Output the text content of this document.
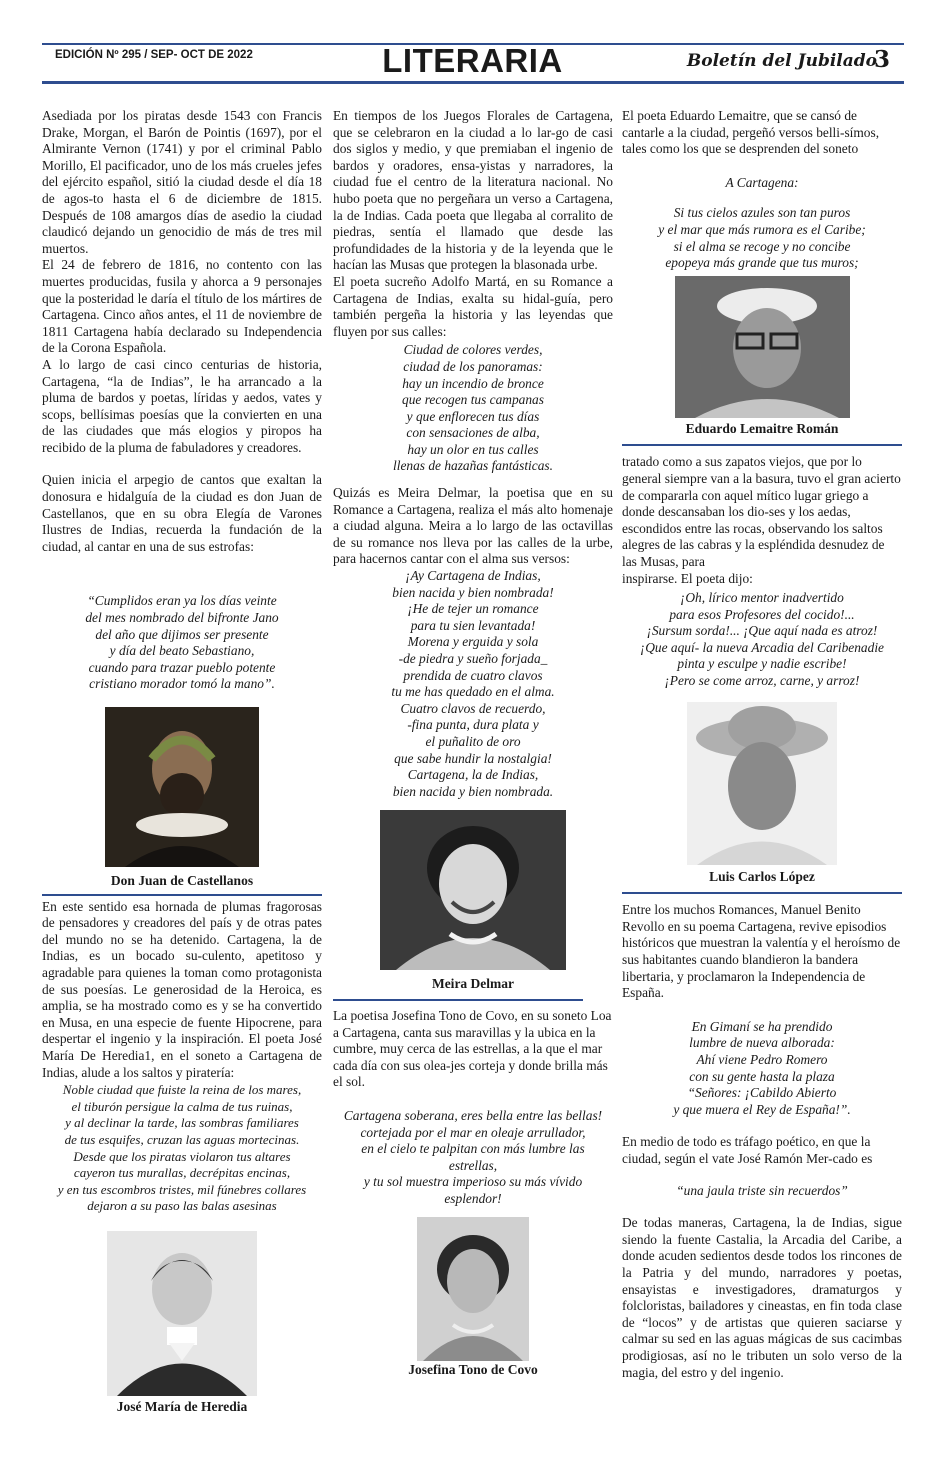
EDICIÓN Nº 295 / SEP- OCT DE 2022	LITERARIA	Boletín del Jubilado
3

Asediada por los piratas desde 1543 con Francis Drake, Morgan, el Barón de Pointis (1697), por el Almirante Vernon (1741) y por el criminal Pablo Morillo, El pacificador, uno de los más crueles jefes del ejército español, sitió la ciudad desde el día 18 de agos-to hasta el 6 de diciembre de 1815. Después de 108 amargos días de asedio la ciudad claudicó dejando un genocidio de más de tres mil muertos.

El 24 de febrero de 1816, no contento con las muertes producidas, fusila y ahorca a 9 personajes que la posteridad le daría el título de los mártires de Cartagena. Cinco años antes, el 11 de noviembre de 1811 Cartagena había declarado su Independencia de la Corona Española.

A lo largo de casi cinco centurias de historia, Cartagena, “la de Indias”, le ha arrancado a la pluma de bardos y poetas, líridas y aedos, vates y scops, bellísimas poesías que la convierten en una de las ciudades que más elogios y piropos ha recibido de la pluma de fabuladores y creadores.

Quien inicia el arpegio de cantos que exaltan la donosura e hidalguía de la ciudad es don Juan de Castellanos, que en su obra Elegía de Varones Ilustres de Indias, recuerda la fundación de la ciudad, al cantar en una de sus estrofas:

“Cumplidos eran ya los días veinte
del mes nombrado del bifronte Jano
del año que dijimos ser presente
y día del beato Sebastiano,
cuando para trazar pueblo potente
cristiano morador tomó la mano”.
Don Juan de Castellanos

En este sentido esa hornada de plumas fragorosas de pensadores y creadores del país y de otras pates del mundo no se ha detenido. Cartagena, la de Indias, es un bocado su-culento, apetitoso y agradable para quienes la toman como protagonista de sus poesías. Le generosidad de la Heroica, es amplia, se ha mostrado como es y se ha convertido en Musa, en una especie de fuente Hipocrene, para despertar el ingenio y la inspiración. El poeta José María De Heredia1, en el soneto a Cartagena de Indias, alude a los saltos y piratería:

Noble ciudad que fuiste la reina de los mares,
el tiburón persigue la calma de tus ruinas,
y al declinar la tarde, las sombras familiares
de tus esquifes, cruzan las aguas mortecinas.
Desde que los piratas violaron tus altares
cayeron tus murallas, decrépitas encinas,
y en tus escombros tristes, mil fúnebres collares
dejaron a su paso las balas asesinas
José María de Heredia

En tiempos de los Juegos Florales de Cartagena, que se celebraron en la ciudad a lo lar-go de casi dos siglos y medio, y que premiaban el ingenio de bardos y oradores, ensa-yistas y narradores, la ciudad fue el centro de la literatura nacional. No hubo poeta que no pergeñara un verso a Cartagena, la de Indias. Cada poeta que llegaba al corralito de piedras, sentía el llamado que desde las profundidades de la historia y de la leyenda que le hacían las Musas que protegen la blasonada urbe.

El poeta sucreño Adolfo Martá, en su Romance a Cartagena de Indias, exalta su hidal-guía, pero también pergeña la historia y las leyendas que fluyen por sus calles:

Ciudad de colores verdes,
ciudad de los panoramas:
hay un incendio de bronce
que recogen tus campanas
y que enflorecen tus días
con sensaciones de alba,
hay un olor en tus calles
llenas de hazañas fantásticas.

Quizás es Meira Delmar, la poetisa que en su Romance a Cartagena, realiza el más alto homenaje a ciudad alguna. Meira a lo largo de las octavillas de su romance nos lleva por las calles de la urbe, para hacernos cantar con el alma sus versos:

¡Ay Cartagena de Indias,
bien nacida y bien nombrada!
¡He de tejer un romance
para tu sien levantada!
Morena y erguida y sola
-de piedra y sueño forjada_
prendida de cuatro clavos
tu me has quedado en el alma.
Cuatro clavos de recuerdo,
-fina punta, dura plata y
el puñalito de oro
que sabe hundir la nostalgia!
Cartagena, la de Indias,
bien nacida y bien nombrada.
Meira Delmar

La poetisa Josefina Tono de Covo, en su soneto Loa a Cartagena, canta sus maravillas y la ubica en la cumbre, muy cerca de las estrellas, a la que el mar cada día con sus olea-jes corteja y donde brilla más el sol.

Cartagena soberana, eres bella entre las bellas!
cortejada por el mar en oleaje arrullador,
en el cielo te palpitan con más lumbre las
estrellas,
y tu sol muestra imperioso su más vívido
esplendor!
Josefina Tono de Covo

El poeta Eduardo Lemaitre, que se cansó de cantarle a la ciudad, pergeñó versos belli-símos, tales como los que se desprenden del soneto

A Cartagena:
Si tus cielos azules son tan puros
y el mar que más rumora es el Caribe;
si el alma se recoge y no concibe
epopeya más grande que tus muros;
Eduardo Lemaitre Román

tratado como a sus zapatos viejos, que por lo general siempre van a la basura, tuvo el gran acierto de compararla con aquel mítico lugar griego a donde descansaban los dio-ses y los aedas, escondidos entre las rocas, observando los saltos alegres de las cabras y la espléndida desnudez de las Musas, para

inspirarse. El poeta dijo:

¡Oh, lírico mentor inadvertido
para esos Profesores del cocido!...
¡Sursum sorda!... ¡Que aquí nada es atroz!
¡Que aquí- la nueva Arcadia del Caribenadie
pinta y esculpe y nadie escribe!
¡Pero se come arroz, carne, y arroz!
Luis Carlos López

Entre los muchos Romances, Manuel Benito Revollo en su poema Cartagena, revive episodios históricos que muestran la valentía y el heroísmo de sus habitantes cuando blandieron la bandera libertaria, y proclamaron la Independencia de España.

En Gimaní se ha prendido
lumbre de nueva alborada:
Ahí viene Pedro Romero
con su gente hasta la plaza
“Señores: ¡Cabildo Abierto
y que muera el Rey de España!”.

En medio de todo es tráfago poético, en que la ciudad, según el vate José Ramón Mer-cado es

“una jaula triste sin recuerdos”

De todas maneras, Cartagena, la de Indias, sigue siendo la fuente Castalia, la Arcadia del Caribe, a donde acuden sedientos desde todos los rincones de la Patria y del mundo, narradores y poetas, ensayistas e investigadores, dramaturgos y folcloristas, bailadores y cineastas, en fin toda clase de “locos” y de artistas que quieren saciarse y calmar su sed en las aguas mágicas de sus cacimbas prodigiosas, así no le tributen un solo verso de la magia, del estro y del ingenio.
